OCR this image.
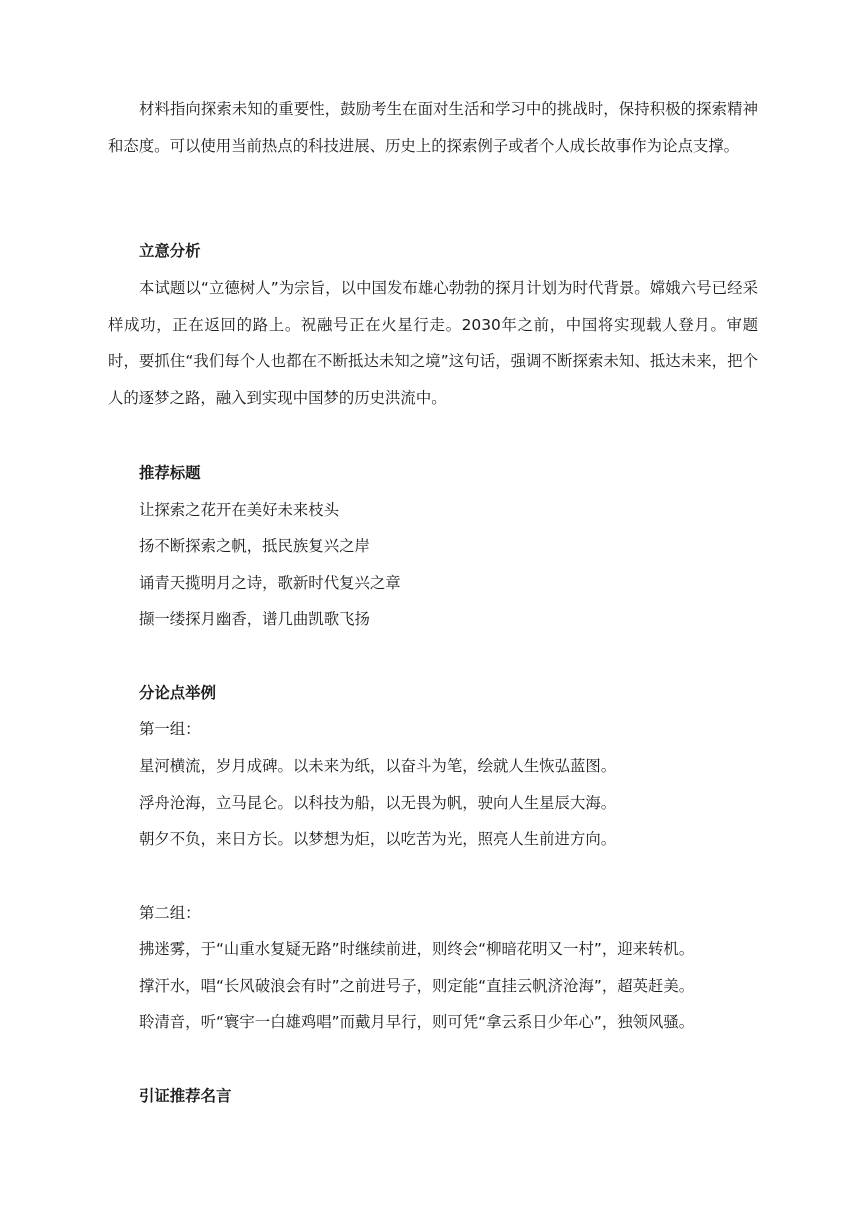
材料指向探索未知的重要性，鼓励考生在面对生活和学习中的挑战时，保持积极的探索精神和态度。可以使用当前热点的科技进展、历史上的探索例子或者个人成长故事作为论点支撑。

立意分析

本试题以“立德树人”为宗旨，以中国发布雄心勃勃的探月计划为时代背景。嫦娥六号已经采样成功，正在返回的路上。祝融号正在火星行走。2030年之前，中国将实现载人登月。审题时，要抓住“我们每个人也都在不断抵达未知之境”这句话，强调不断探索未知、抵达未来，把个人的逐梦之路，融入到实现中国梦的历史洪流中。

推荐标题

让探索之花开在美好未来枝头

扬不断探索之帆，抵民族复兴之岸

诵青天揽明月之诗，歌新时代复兴之章

撷一缕探月幽香，谱几曲凯歌飞扬

分论点举例

第一组：

星河横流，岁月成碑。以未来为纸，以奋斗为笔，绘就人生恢弘蓝图。

浮舟沧海，立马昆仑。以科技为船，以无畏为帆，驶向人生星辰大海。

朝夕不负，来日方长。以梦想为炬，以吃苦为光，照亮人生前进方向。

第二组：

拂迷雾，于“山重水复疑无路”时继续前进，则终会“柳暗花明又一村”，迎来转机。

撑汗水，唱“长风破浪会有时”之前进号子，则定能“直挂云帆济沧海”，超英赶美。

聆清音，听“寰宇一白雄鸡唱”而戴月早行，则可凭“拿云系日少年心”，独领风骚。

引证推荐名言
